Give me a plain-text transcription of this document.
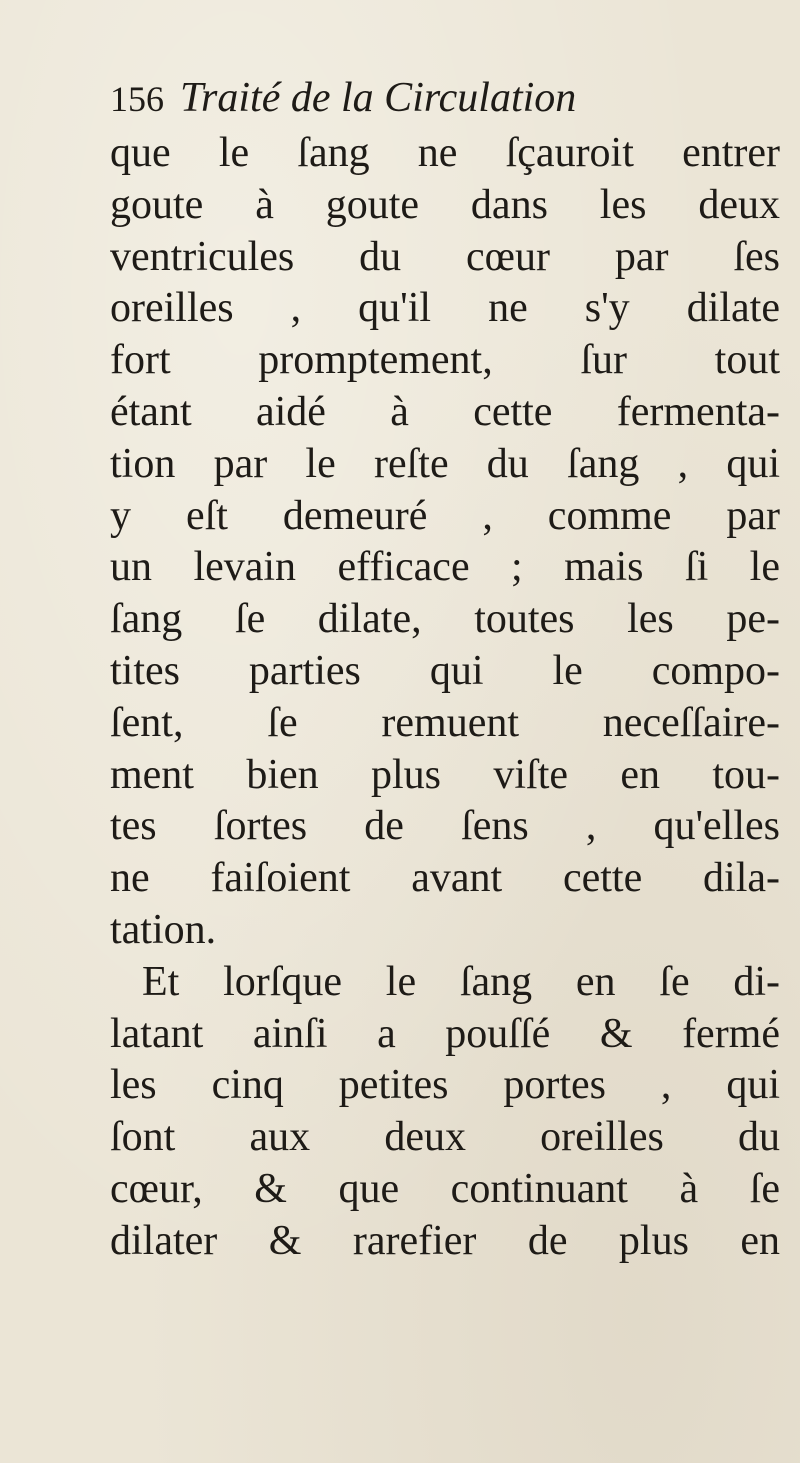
156 Traité de la Circulation
que le ſang ne ſçauroit entrer
goute à goute dans les deux
ventricules du cœur par ſes
oreilles , qu'il ne s'y dilate
fort promptement, ſur tout
étant aidé à cette fermenta-
tion par le reſte du ſang , qui
y eſt demeuré , comme par
un levain efficace ; mais ſi le
ſang ſe dilate, toutes les pe-
tites parties qui le compo-
ſent, ſe remuent neceſſaire-
ment bien plus viſte en tou-
tes ſortes de ſens , qu'elles
ne faiſoient avant cette dila-
tation.
Et lorſque le ſang en ſe di-
latant ainſi a pouſſé & fermé
les cinq petites portes , qui
ſont aux deux oreilles du
cœur, & que continuant à ſe
dilater & rarefier de plus en
